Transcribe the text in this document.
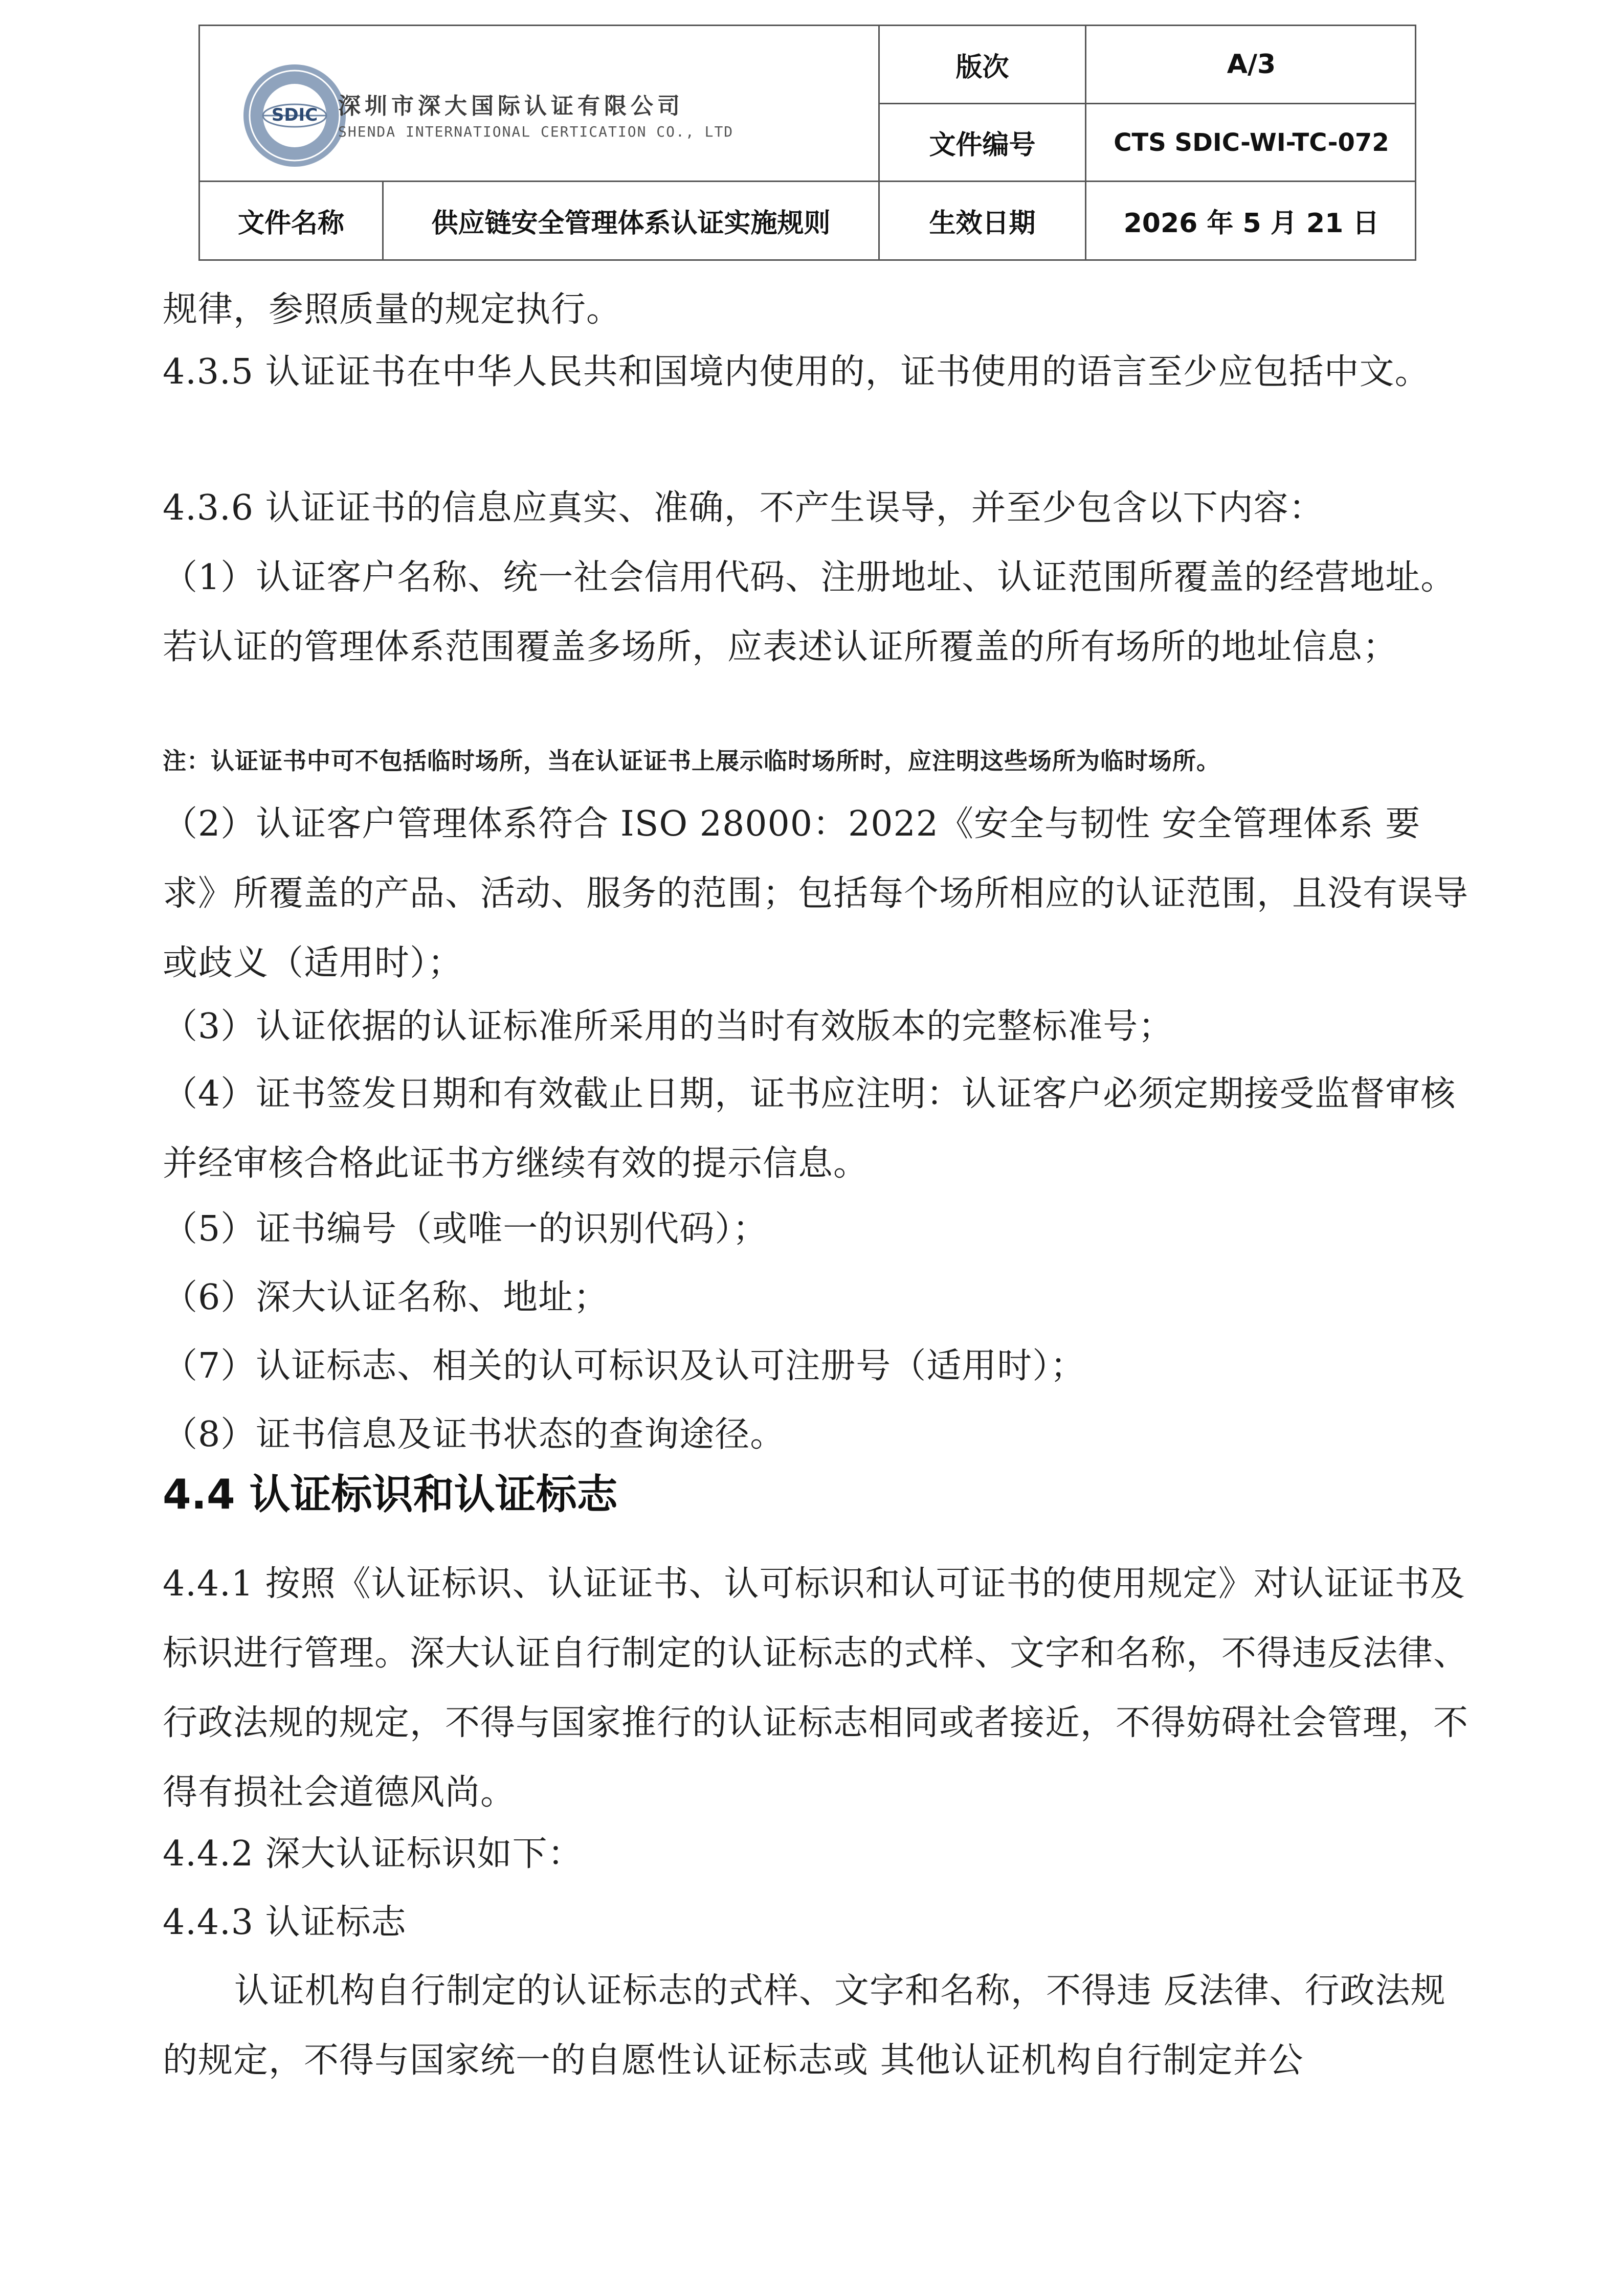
SDIC 深圳市深大国际认证有限公司
SHENDA INTERNATIONAL CERTICATION CO., LTD
版次	A/3
文件编号	CTS SDIC-WI-TC-072
文件名称	供应链安全管理体系认证实施规则	生效日期	2026 年 5 月 21 日
规律，参照质量的规定执行。
4.3.5 认证证书在中华人民共和国境内使用的，证书使用的语言至少应包括中文。
4.3.6 认证证书的信息应真实、准确，不产生误导，并至少包含以下内容：
（1）认证客户名称、统一社会信用代码、注册地址、认证范围所覆盖的经营地址。若认证的管理体系范围覆盖多场所，应表述认证所覆盖的所有场所的地址信息；
注：认证证书中可不包括临时场所，当在认证证书上展示临时场所时，应注明这些场所为临时场所。
（2）认证客户管理体系符合 ISO 28000：2022《安全与韧性 安全管理体系 要求》所覆盖的产品、活动、服务的范围；包括每个场所相应的认证范围，且没有误导或歧义（适用时）；
（3）认证依据的认证标准所采用的当时有效版本的完整标准号；
（4）证书签发日期和有效截止日期，证书应注明：认证客户必须定期接受监督审核并经审核合格此证书方继续有效的提示信息。
（5）证书编号（或唯一的识别代码）；
（6）深大认证名称、地址；
（7）认证标志、相关的认可标识及认可注册号（适用时）；
（8）证书信息及证书状态的查询途径。
4.4 认证标识和认证标志
4.4.1 按照《认证标识、认证证书、认可标识和认可证书的使用规定》对认证证书及标识进行管理。深大认证自行制定的认证标志的式样、文字和名称，不得违反法律、行政法规的规定，不得与国家推行的认证标志相同或者接近，不得妨碍社会管理，不得有损社会道德风尚。
4.4.2 深大认证标识如下：
4.4.3 认证标志
认证机构自行制定的认证标志的式样、文字和名称，不得违 反法律、行政法规的规定，不得与国家统一的自愿性认证标志或 其他认证机构自行制定并公
